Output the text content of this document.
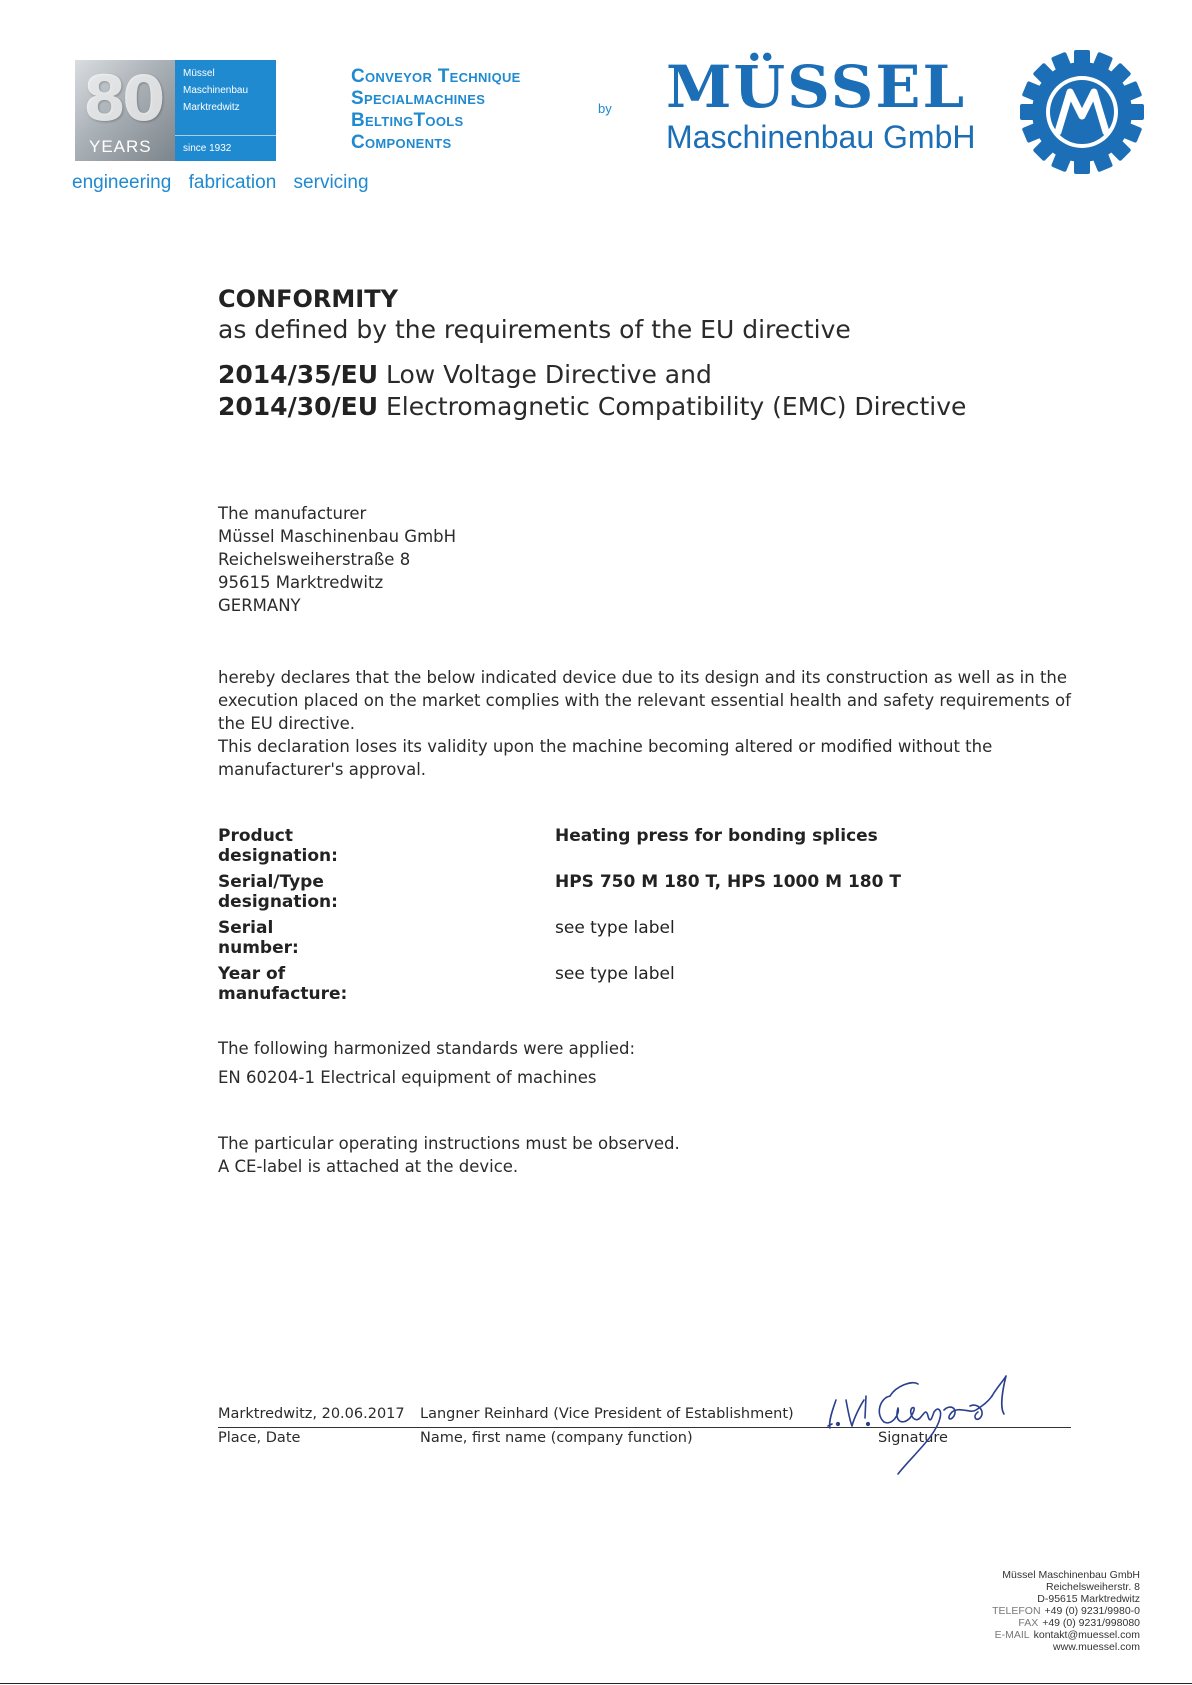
80
YEARS
Müssel
Maschinenbau
Marktredwitz
since 1932
engineering fabrication servicing
Conveyor Technique
Specialmachines
BeltingTools
Components
by MÜSSEL
Maschinenbau GmbH
CONFORMITY
as defined by the requirements of the EU directive
2014/35/EU Low Voltage Directive and
2014/30/EU Electromagnetic Compatibility (EMC) Directive
The manufacturer
Müssel Maschinenbau GmbH
Reichelsweiherstraße 8
95615 Marktredwitz
GERMANY
hereby declares that the below indicated device due to its design and its construction as well as in the execution placed on the market complies with the relevant essential health and safety requirements of the EU directive.
This declaration loses its validity upon the machine becoming altered or modified without the manufacturer's approval.
Product designation:
Heating press for bonding splices
Serial/Type designation:
HPS 750 M 180 T, HPS 1000 M 180 T
Serial number:
see type label
Year of manufacture:
see type label
The following harmonized standards were applied:
EN 60204-1 Electrical equipment of machines
The particular operating instructions must be observed.
A CE-label is attached at the device.
Marktredwitz, 20.06.2017 Langner Reinhard (Vice President of Establishment)
Place, Date	Name, first name (company function)	Signature
Müssel Maschinenbau GmbH
Reichelsweiherstr. 8
D-95615 Marktredwitz
TELEFON +49 (0) 9231/9980-0
FAX +49 (0) 9231/998080
E-MAIL kontakt@muessel.com
www.muessel.com
